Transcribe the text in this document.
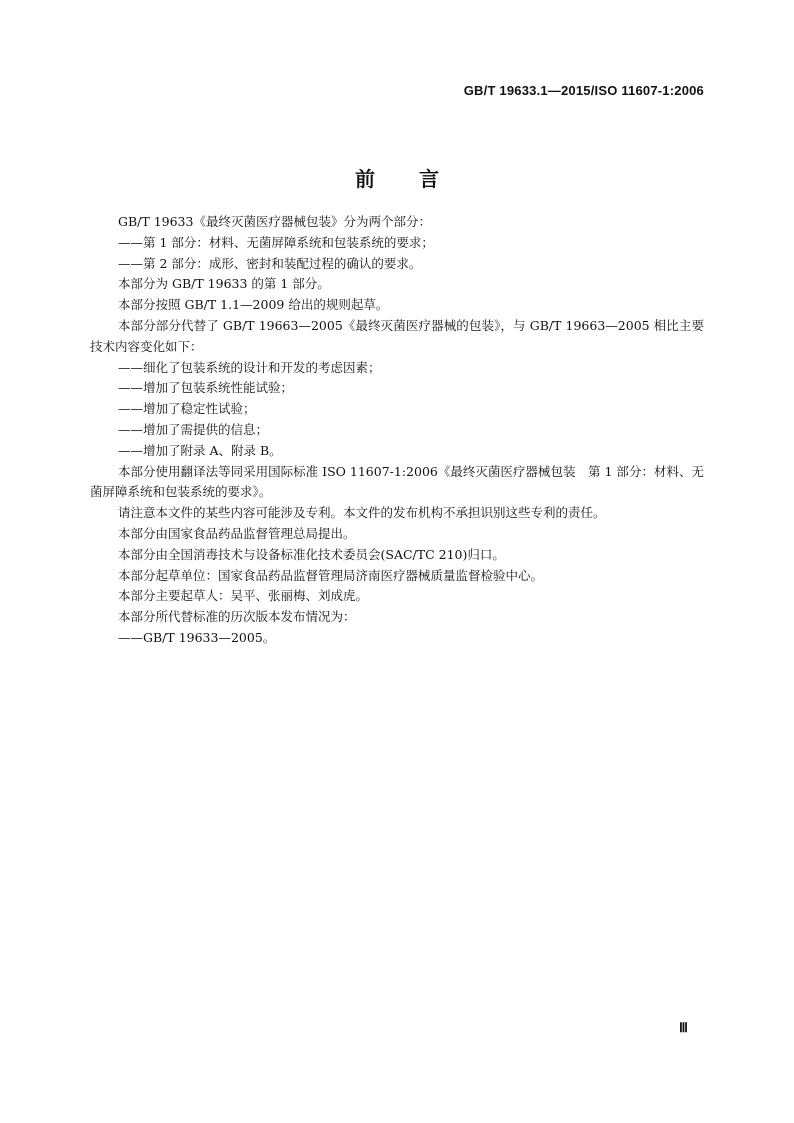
GB/T 19633.1—2015/ISO 11607-1:2006
前言

GB/T 19633《最终灭菌医疗器械包装》分为两个部分：

——第 1 部分：材料、无菌屏障系统和包装系统的要求；

——第 2 部分：成形、密封和装配过程的确认的要求。

本部分为 GB/T 19633 的第 1 部分。

本部分按照 GB/T 1.1—2009 给出的规则起草。

本部分部分代替了 GB/T 19663—2005《最终灭菌医疗器械的包装》，与 GB/T 19663—2005 相比主要技术内容变化如下：

——细化了包装系统的设计和开发的考虑因素；

——增加了包装系统性能试验；

——增加了稳定性试验；

——增加了需提供的信息；

——增加了附录 A、附录 B。

本部分使用翻译法等同采用国际标准 ISO 11607-1:2006《最终灭菌医疗器械包装　第 1 部分：材料、无菌屏障系统和包装系统的要求》。

请注意本文件的某些内容可能涉及专利。本文件的发布机构不承担识别这些专利的责任。

本部分由国家食品药品监督管理总局提出。

本部分由全国消毒技术与设备标准化技术委员会(SAC/TC 210)归口。

本部分起草单位：国家食品药品监督管理局济南医疗器械质量监督检验中心。

本部分主要起草人：吴平、张丽梅、刘成虎。

本部分所代替标准的历次版本发布情况为：

——GB/T 19633—2005。

Ⅲ
